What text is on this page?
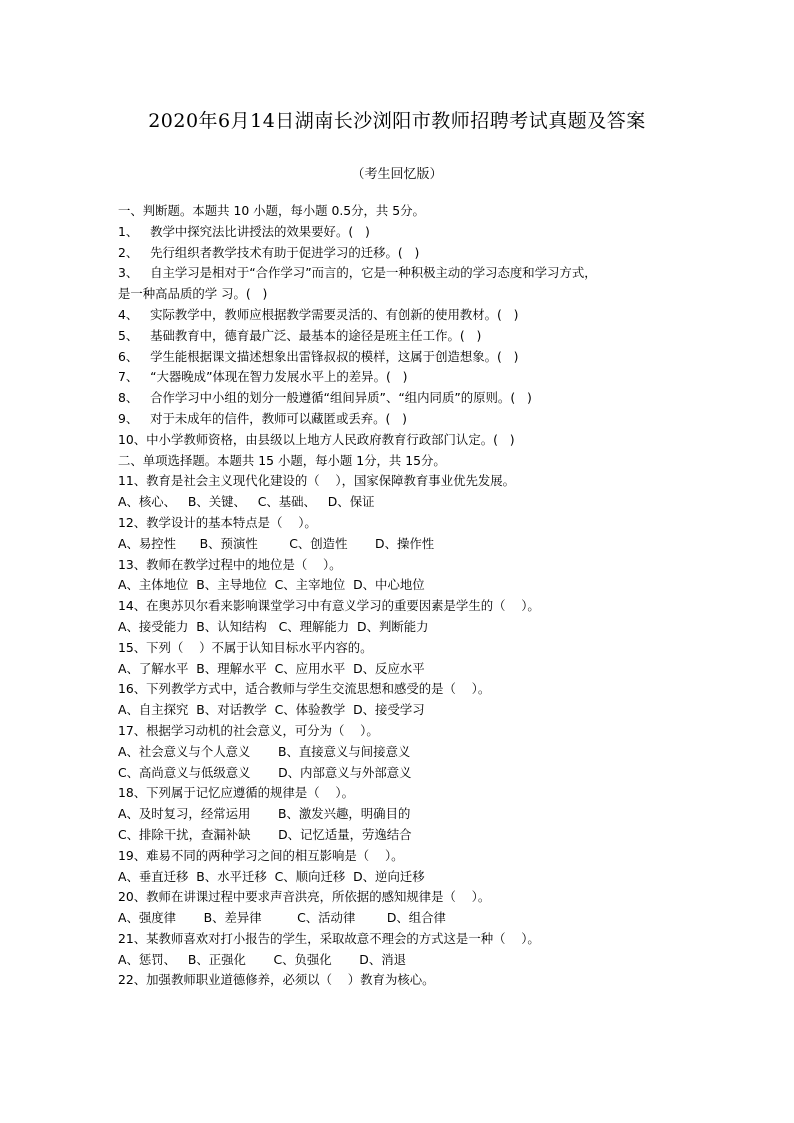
2020年6月14日湖南长沙浏阳市教师招聘考试真题及答案
（考生回忆版）
一、判断题。本题共 10 小题，每小题 0.5分，共 5分。
1、   教学中探究法比讲授法的效果要好。(   )
2、   先行组织者教学技术有助于促进学习的迁移。(   )
3、   自主学习是相对于“合作学习”而言的，它是一种积极主动的学习态度和学习方式，
是一种高品质的学 习。(   )
4、   实际教学中，教师应根据教学需要灵活的、有创新的使用教材。(   )
5、   基础教育中，德育最广泛、最基本的途径是班主任工作。(   )
6、   学生能根据课文描述想象出雷锋叔叔的模样，这属于创造想象。(   )
7、   “大器晚成”体现在智力发展水平上的差异。(   )
8、   合作学习中小组的划分一般遵循“组间异质”、“组内同质”的原则。(   )
9、   对于未成年的信件，教师可以藏匿或丢弃。(   )
10、中小学教师资格，由县级以上地方人民政府教育行政部门认定。(   )
二、单项选择题。本题共 15 小题，每小题 1分，共 15分。
11、教育是社会主义现代化建设的（    ），国家保障教育事业优先发展。
A、核心、   B、关键、   C、基础、   D、保证
12、教学设计的基本特点是（    ）。
A、易控性      B、预演性        C、创造性       D、操作性
13、教师在教学过程中的地位是（    ）。
A、主体地位  B、主导地位  C、主宰地位  D、中心地位
14、在奥苏贝尔看来影响课堂学习中有意义学习的重要因素是学生的（    ）。
A、接受能力  B、认知结构   C、理解能力  D、判断能力
15、下列（    ）不属于认知目标水平内容的。
A、了解水平  B、理解水平  C、应用水平  D、反应水平
16、下列教学方式中，适合教师与学生交流思想和感受的是（    ）。
A、自主探究  B、对话教学  C、体验教学  D、接受学习
17、根据学习动机的社会意义，可分为（    ）。
A、社会意义与个人意义       B、直接意义与间接意义
C、高尚意义与低级意义       D、内部意义与外部意义
18、下列属于记忆应遵循的规律是（    ）。
A、及时复习，经常运用       B、激发兴趣，明确目的
C、排除干扰，查漏补缺       D、记忆适量，劳逸结合
19、难易不同的两种学习之间的相互影响是（    ）。
A、垂直迁移  B、水平迁移  C、顺向迁移  D、逆向迁移
20、教师在讲课过程中要求声音洪亮，所依据的感知规律是（    ）。
A、强度律       B、差异律         C、活动律        D、组合律
21、某教师喜欢对打小报告的学生，采取故意不理会的方式这是一种（    ）。
A、惩罚、   B、正强化       C、负强化       D、消退
22、加强教师职业道德修养，必须以（    ）教育为核心。
